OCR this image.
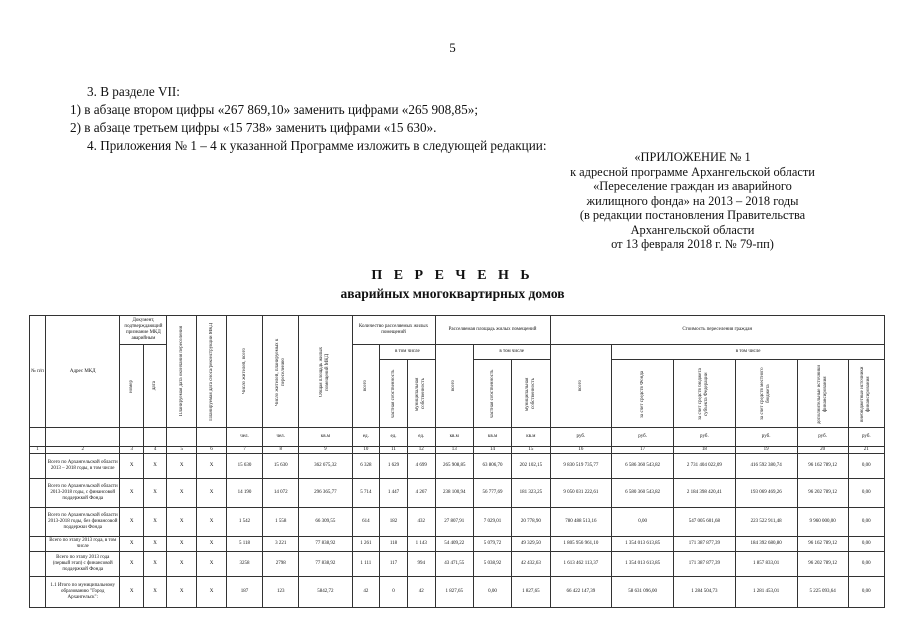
5
3. В разделе VII:
1) в абзаце втором цифры «267 869,10» заменить цифрами «265 908,85»;
2) в абзаце третьем цифры «15 738» заменить цифрами «15 630».
4. Приложения № 1 – 4 к указанной Программе изложить в следующей редакции:
«ПРИЛОЖЕНИЕ № 1
к адресной программе Архангельской области
«Переселение граждан из аварийного
жилищного фонда» на 2013 – 2018 годы
(в редакции постановления Правительства
Архангельской области
от 13 февраля 2018 г. № 79-пп)
П Е Р Е Ч Е Н Ь
аварийных многоквартирных домов
№ п/п	Адрес МКД	Документ, подтверждающий признание МКД аварийным		Планируемая дата окончания переселения	Планируемая дата сноса/реконструкции МКД	Число жителей, всего	Число жителей, планируемых к переселению	Общая площадь жилых помещений МКД	Количество расселяемых жилых помещений			Расселяемая площадь жилых помещений			Стоимость переселения граждан					

		номер	дата						всего	в том числе		всего	в том числе		всего	в том числе				

										частная собственность	муниципальная собственность		частная собственность	муниципальная собственность		за счет средств Фонда	за счет средств бюджета субъекта Федерации	за счет средств местного бюджета	дополнительные источники финансирования	внебюджетные источники финансирования

						чел.	чел.	кв.м	ед.	ед.	ед.	кв.м	кв.м	кв.м	руб.	руб.	руб.	руб.	руб.	руб.
1	2	3	4	5	6	7	8	9	10	11	12	13	14	15	16	17	18	19	20	21
	Всего по Архангельской области 2013 – 2018 годы, в том числе	X	X	X	X	15 630	15 630	362 675,32	6 328	1 629	4 699	265 908,85	63 806,70	202 102,15	9 830 519 735,77	6 586 360 543,82	2 731 404 022,09	416 592 380,74	96 162 789,12	0,00
	Всего по Архангельской области 2013-2018 годы, с финансовой поддержкой Фонда	X	X	X	X	14 190	14 072	296 365,77	5 714	1 447	4 267	238 100,94	56 777,69	181 323,25	9 050 031 222,61	6 580 360 543,82	2 184 398 420,41	193 069 469,26	96 202 789,12	0,00
	Всего по Архангельской области 2013-2018 годы, без финансовой поддержки Фонда	X	X	X	X	1 542	1 558	66 309,55	614	182	432	27 807,91	7 029,01	20 778,90	780 488 513,16	0,00	547 005 601,68	223 522 911,48	9 960 000,00	0,00
	Всего по этапу 2013 года, в том числе	X	X	X	X	5 118	3 221	77 838,92	1 261	118	1 143	54 409,22	5 079,72	49 329,50	1 805 956 961,10	1 354 013 613,85	171 387 877,39	184 392 680,80	96 162 789,12	0,00
	Всего по этапу 2013 года (первый этап) с финансовой поддержкой Фонда	X	X	X	X	3258	2798	77 838,92	1 111	117	994	43 471,55	5 038,92	42 432,63	1 613 462 113,37	1 354 013 613,85	171 387 877,39	1 857 833,01	96 202 789,12	0,00
	1.1 Итого по муниципальному образованию "Город Архангельск":	X	X	X	X	187	123	5842,72	42	0	42	1 827,65	0,00	1 827,65	66 422 147,39	58 631 096,00	1 284 504,73	1 281 453,01	5 225 093,64	0,00
